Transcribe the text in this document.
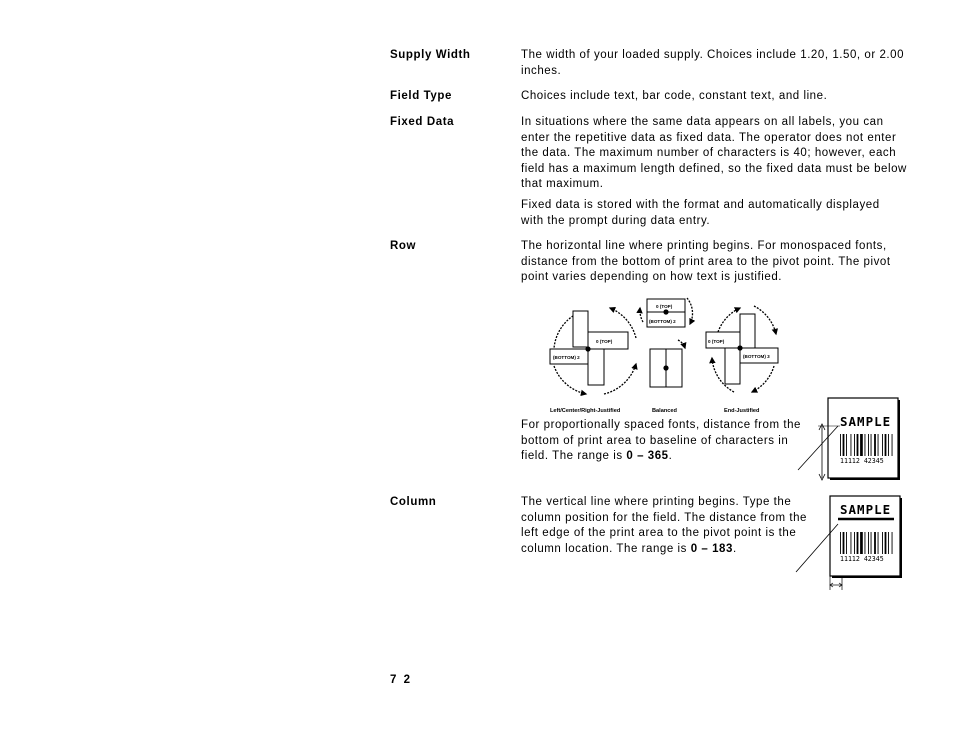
Supply Width
Field Type
Fixed Data
Row
Column
The width of your loaded supply. Choices include 1.20, 1.50, or 2.00 inches.
Choices include text, bar code, constant text, and line.
In situations where the same data appears on all labels, you can enter the repetitive data as fixed data. The operator does not enter the data. The maximum number of characters is 40; however, each field has a maximum length defined, so the fixed data must be below that maximum.
Fixed data is stored with the format and automatically displayed with the prompt during data entry.
The horizontal line where printing begins. For monospaced fonts, distance from the bottom of print area to the pivot point. The pivot point varies depending on how text is justified.
For proportionally spaced fonts, distance from the bottom of print area to baseline of characters in field. The range is 0 – 365.
The vertical line where printing begins. Type the column position for the field. The distance from the left edge of the print area to the pivot point is the column location. The range is 0 – 183.
0 (TOP)
(BOTTOM) 2
0 (TOP)
(BOTTOM) 2
0 (TOP)
(BOTTOM) 3
Left/Center/Right-Justified	Balanced	End-Justified
SAMPLE
11112 42345
SAMPLE
11112 42345
7 2
